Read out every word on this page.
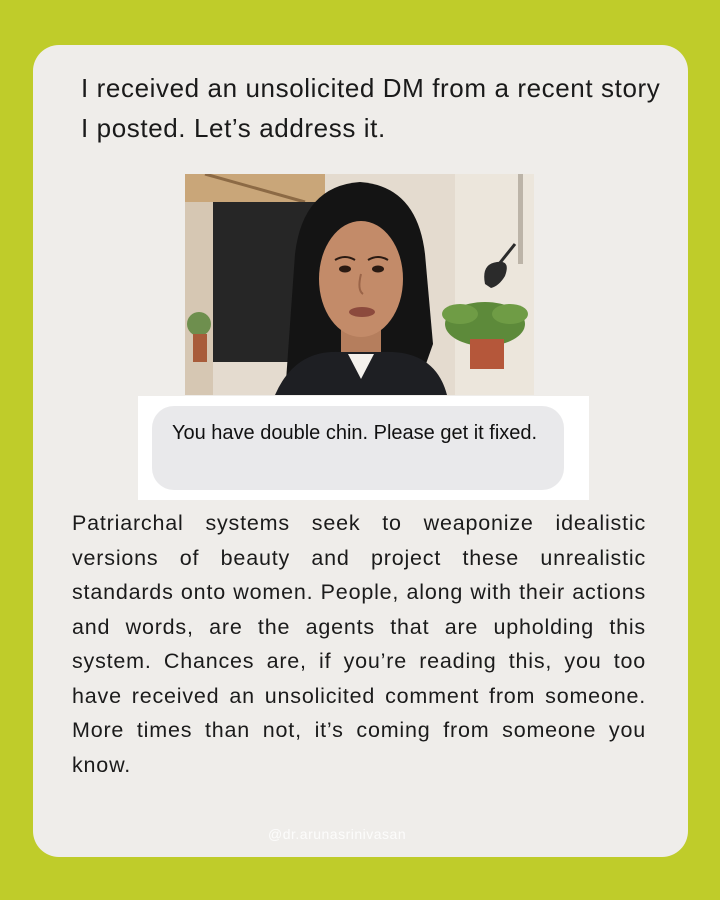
I received an unsolicited DM from a recent story I posted. Let’s address it.

You have double chin. Please get it fixed.

Patriarchal systems seek to weaponize idealistic versions of beauty and project these unrealistic standards onto women. People, along with their actions and words, are the agents that are upholding this system. Chances are, if you’re reading this, you too have received an unsolicited comment from someone. More times than not, it’s coming from someone you know.

@dr.arunasrinivasan
